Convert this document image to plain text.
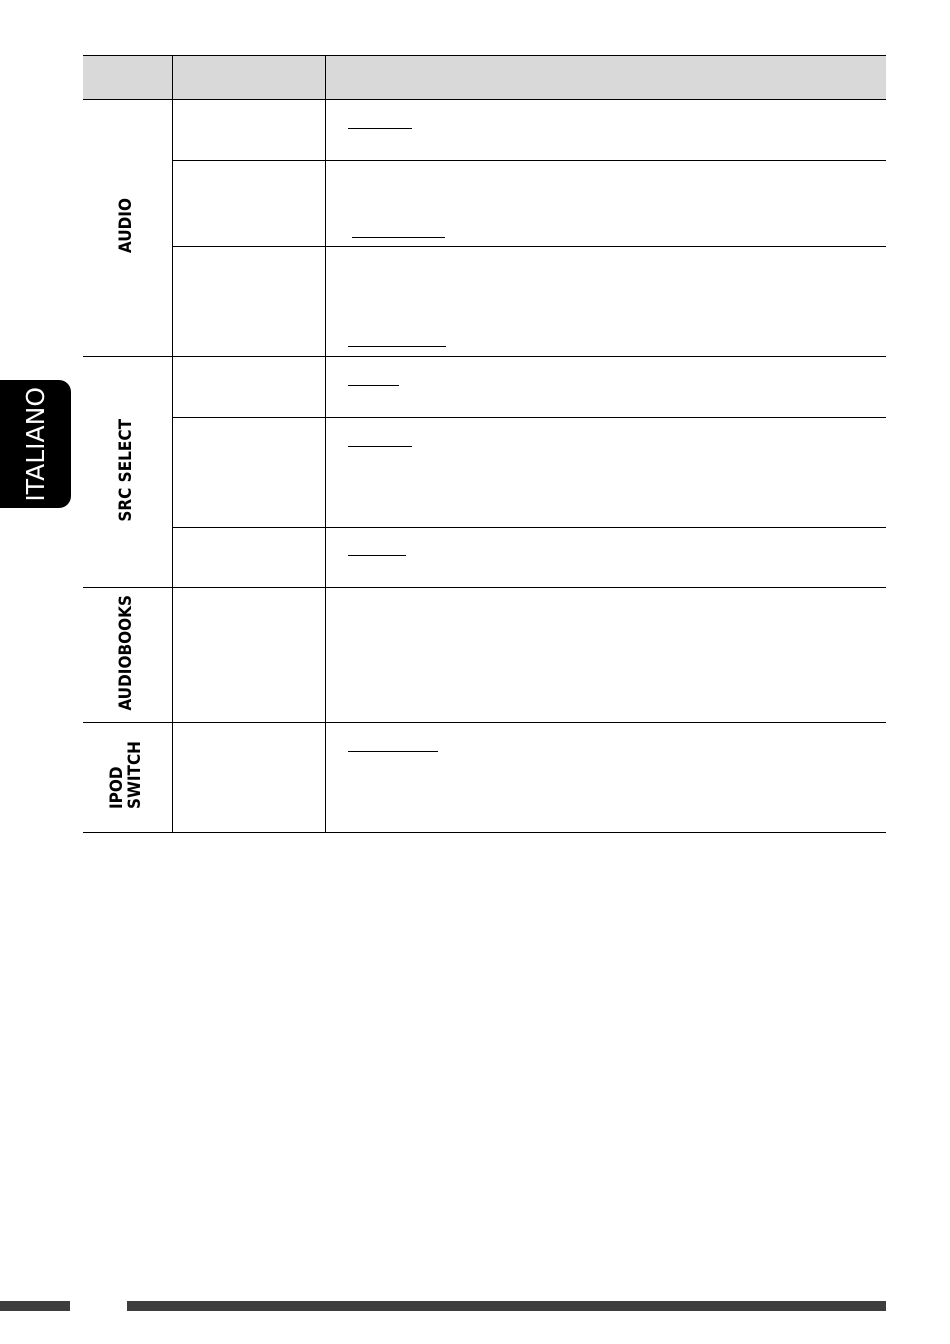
ITALIANO

AUDIO		

SRC SELECT		

AUDIOBOOKS		
IPOD
SWITCH		
